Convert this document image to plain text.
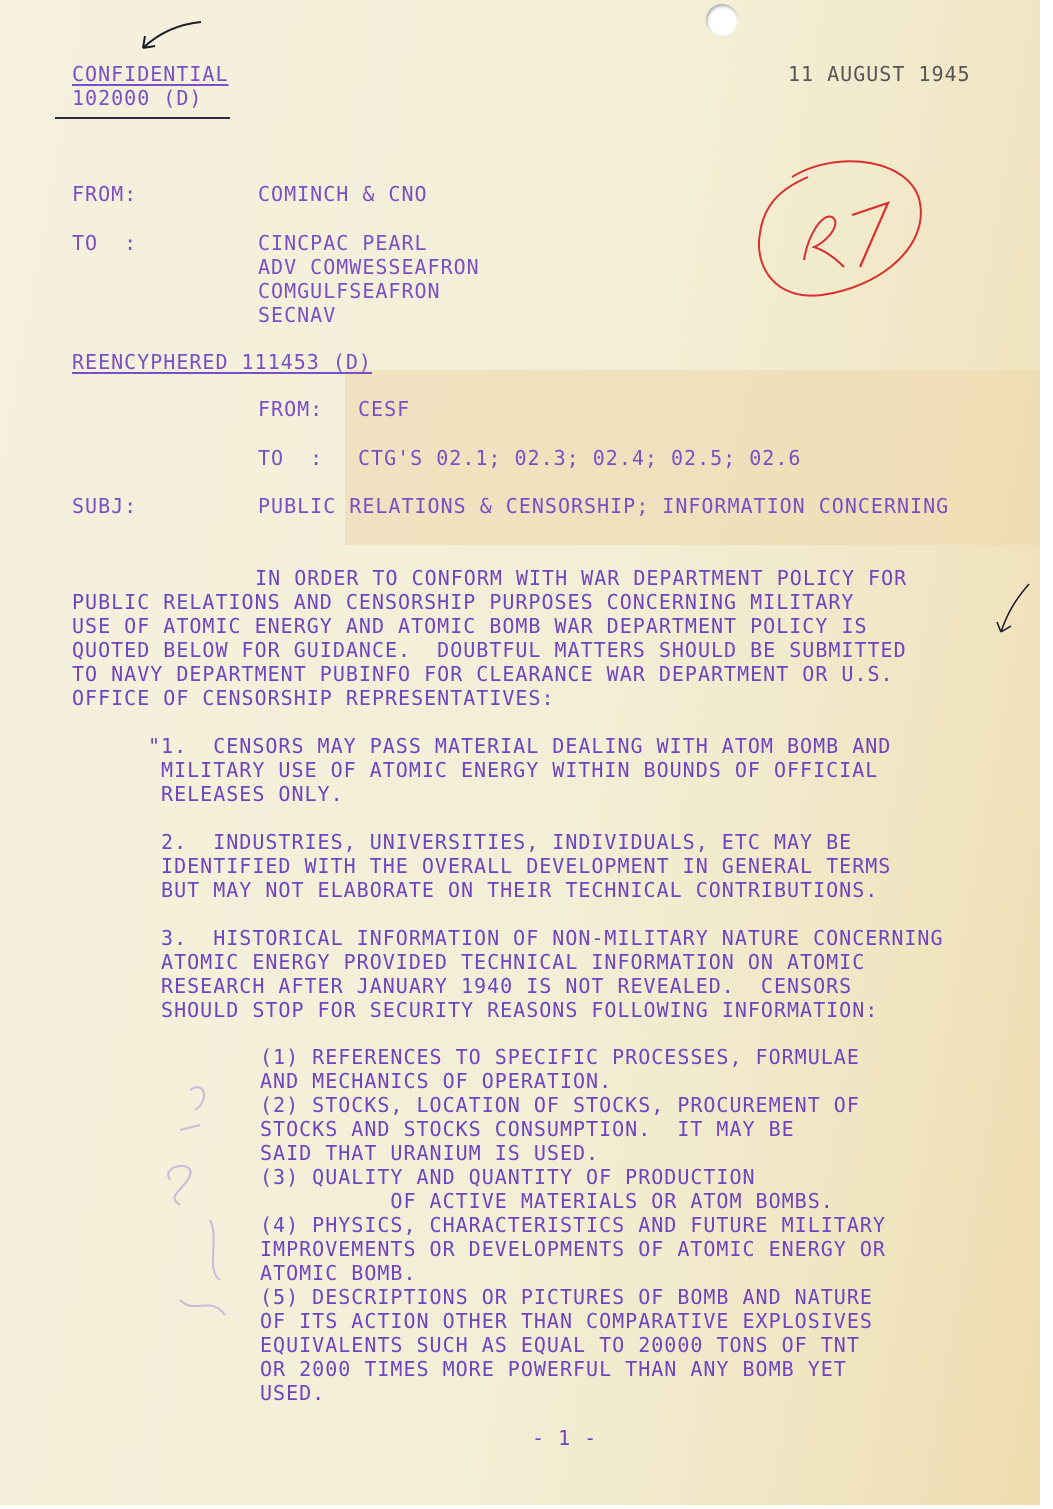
CONFIDENTIAL

102000 (D)

11 AUGUST 1945

FROM:	COMINCH & CNO

TO  :	CINCPAC PEARL

ADV COMWESSEAFRON

COMGULFSEAFRON

SECNAV

REENCYPHERED 111453 (D)

FROM: CESF

TO  : CTG'S 02.1; 02.3; 02.4; 02.5; 02.6

SUBJ:	PUBLIC RELATIONS & CENSORSHIP; INFORMATION CONCERNING

IN ORDER TO CONFORM WITH WAR DEPARTMENT POLICY FOR

PUBLIC RELATIONS AND CENSORSHIP PURPOSES CONCERNING MILITARY

USE OF ATOMIC ENERGY AND ATOMIC BOMB WAR DEPARTMENT POLICY IS

QUOTED BELOW FOR GUIDANCE.  DOUBTFUL MATTERS SHOULD BE SUBMITTED

TO NAVY DEPARTMENT PUBINFO FOR CLEARANCE WAR DEPARTMENT OR U.S.

OFFICE OF CENSORSHIP REPRESENTATIVES:

"1.  CENSORS MAY PASS MATERIAL DEALING WITH ATOM BOMB AND

MILITARY USE OF ATOMIC ENERGY WITHIN BOUNDS OF OFFICIAL

RELEASES ONLY.

2.  INDUSTRIES, UNIVERSITIES, INDIVIDUALS, ETC MAY BE

IDENTIFIED WITH THE OVERALL DEVELOPMENT IN GENERAL TERMS

BUT MAY NOT ELABORATE ON THEIR TECHNICAL CONTRIBUTIONS.

3.  HISTORICAL INFORMATION OF NON-MILITARY NATURE CONCERNING

ATOMIC ENERGY PROVIDED TECHNICAL INFORMATION ON ATOMIC

RESEARCH AFTER JANUARY 1940 IS NOT REVEALED.  CENSORS

SHOULD STOP FOR SECURITY REASONS FOLLOWING INFORMATION:

(1) REFERENCES TO SPECIFIC PROCESSES, FORMULAE

AND MECHANICS OF OPERATION.

(2) STOCKS, LOCATION OF STOCKS, PROCUREMENT OF

STOCKS AND STOCKS CONSUMPTION.  IT MAY BE

SAID THAT URANIUM IS USED.

(3) QUALITY AND QUANTITY OF PRODUCTION

OF ACTIVE MATERIALS OR ATOM BOMBS.

(4) PHYSICS, CHARACTERISTICS AND FUTURE MILITARY

IMPROVEMENTS OR DEVELOPMENTS OF ATOMIC ENERGY OR

ATOMIC BOMB.

(5) DESCRIPTIONS OR PICTURES OF BOMB AND NATURE

OF ITS ACTION OTHER THAN COMPARATIVE EXPLOSIVES

EQUIVALENTS SUCH AS EQUAL TO 20000 TONS OF TNT

OR 2000 TIMES MORE POWERFUL THAN ANY BOMB YET

USED.

- 1 -
